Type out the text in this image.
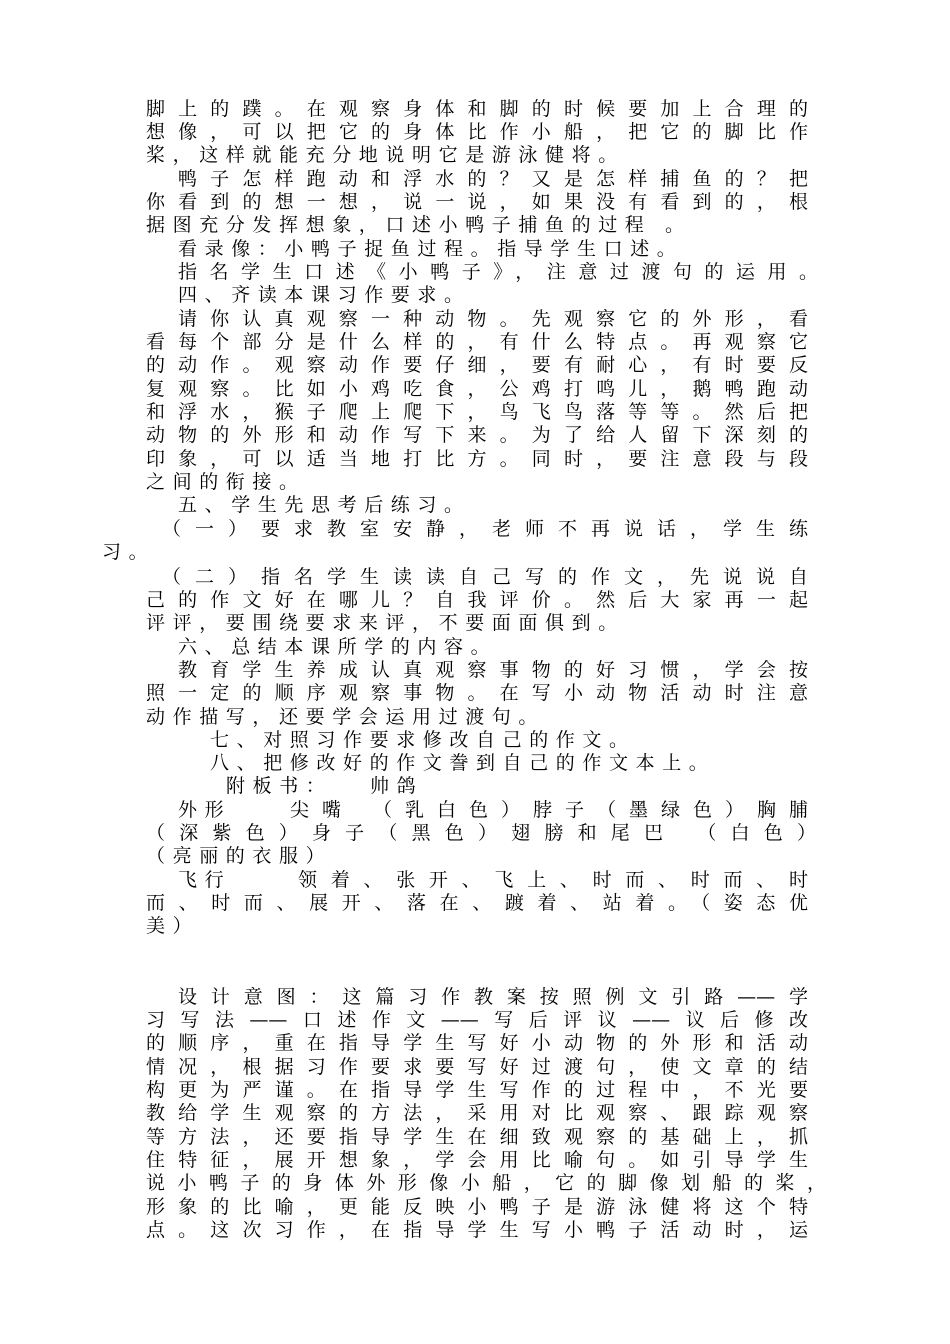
脚上的蹼。在观察身体和脚的时候要加上合理的
想像，可以把它的身体比作小船，把它的脚比作
桨，这样就能充分地说明它是游泳健将。
鸭子怎样跑动和浮水的？又是怎样捕鱼的？把
你看到的想一想，说一说，如果没有看到的，根
据图充分发挥想象，口述小鸭子捕鱼的过程 。
看录像：小鸭子捉鱼过程。指导学生口述。
指名学生口述《小鸭子》，注意过渡句的运用。
四、齐读本课习作要求。
请你认真观察一种动物。先观察它的外形，看
看每个部分是什么样的，有什么特点。再观察它
的动作。观察动作要仔细，要有耐心，有时要反
复观察。比如小鸡吃食，公鸡打鸣儿，鹅鸭跑动
和浮水，猴子爬上爬下，鸟飞鸟落等等。然后把
动物的外形和动作写下来。为了给人留下深刻的
印象，可以适当地打比方。同时，要注意段与段
之间的衔接。
五、学生先思考后练习。
（一）要求教室安静，老师不再说话，学生练
习。
（二）指名学生读读自己写的作文，先说说自
己的作文好在哪儿？自我评价。然后大家再一起
评评，要围绕要求来评，不要面面俱到。
六、总结本课所学的内容。
教育学生养成认真观察事物的好习惯，学会按
照一定的顺序观察事物。在写小动物活动时注意
动作描写，还要学会运用过渡句。
七、对照习作要求修改自己的作文。
八、把修改好的作文誊到自己的作文本上。
附板书： 帅鸽
外形	尖嘴 （乳白色）脖子（墨绿色）胸脯
（深紫色）身子（黑色）翅膀和尾巴 （白色）
（亮丽的衣服）
飞行	领着、张开、飞上、时而、时而、时
而、时而、展开、落在、踱着、站着。（姿态优
美）
设计意图：这篇习作教案按照例文引路——学
习写法——口述作文——写后评议——议后修改
的顺序，重在指导学生写好小动物的外形和活动
情况，根据习作要求要写好过渡句，使文章的结
构更为严谨。在指导学生写作的过程中，不光要
教给学生观察的方法，采用对比观察、跟踪观察
等方法，还要指导学生在细致观察的基础上，抓
住特征，展开想象，学会用比喻句。如引导学生
说小鸭子的身体外形像小船，它的脚像划船的桨，
形象的比喻，更能反映小鸭子是游泳健将这个特
点。这次习作，在指导学生写小鸭子活动时，运
